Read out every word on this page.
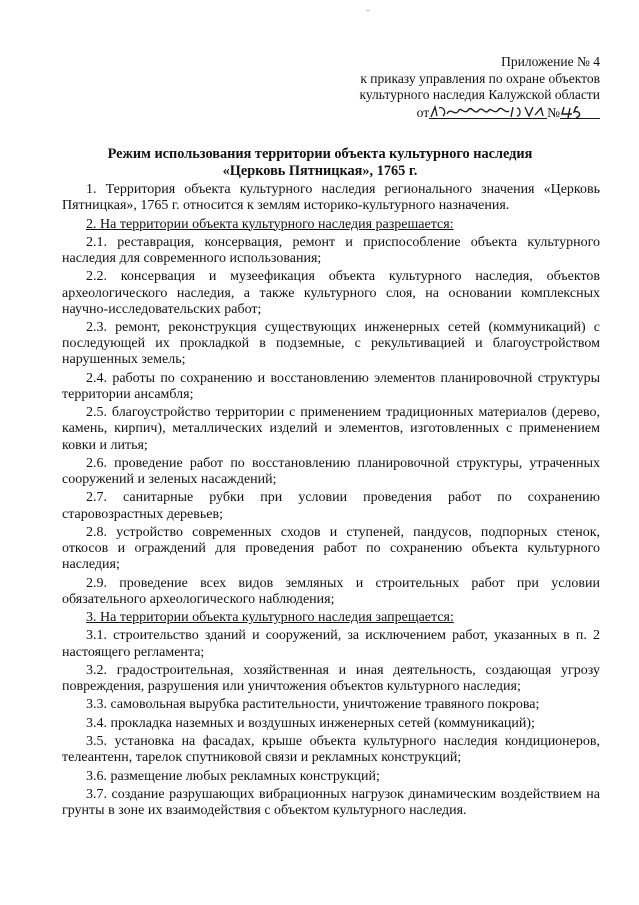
Приложение № 4
к приказу управления по охране объектов
культурного наследия Калужской области
от	№
Режим использования территории объекта культурного наследия
«Церковь Пятницкая», 1765 г.

1. Территория объекта культурного наследия регионального значения «Церковь Пятницкая», 1765 г. относится к землям историко-культурного назначения.

2. На территории объекта культурного наследия разрешается:

2.1. реставрация, консервация, ремонт и приспособление объекта культурного наследия для современного использования;

2.2. консервация и музеефикация объекта культурного наследия, объектов археологического наследия, а также культурного слоя, на основании комплексных научно-исследовательских работ;

2.3. ремонт, реконструкция существующих инженерных сетей (коммуникаций) с последующей их прокладкой в подземные, с рекультивацией и благоустройством нарушенных земель;

2.4. работы по сохранению и восстановлению элементов планировочной структуры территории ансамбля;

2.5. благоустройство территории с применением традиционных материалов (дерево, камень, кирпич), металлических изделий и элементов, изготовленных с применением ковки и литья;

2.6. проведение работ по восстановлению планировочной структуры, утраченных сооружений и зеленых насаждений;

2.7. санитарные рубки при условии проведения работ по сохранению старовозрастных деревьев;

2.8. устройство современных сходов и ступеней, пандусов, подпорных стенок, откосов и ограждений для проведения работ по сохранению объекта культурного наследия;

2.9. проведение всех видов земляных и строительных работ при условии обязательного археологического наблюдения;

3. На территории объекта культурного наследия запрещается:

3.1. строительство зданий и сооружений, за исключением работ, указанных в п. 2 настоящего регламента;

3.2. градостроительная, хозяйственная и иная деятельность, создающая угрозу повреждения, разрушения или уничтожения объектов культурного наследия;

3.3. самовольная вырубка растительности, уничтожение травяного покрова;

3.4. прокладка наземных и воздушных инженерных сетей (коммуникаций);

3.5. установка на фасадах, крыше объекта культурного наследия кондиционеров, телеантенн, тарелок спутниковой связи и рекламных конструкций;

3.6. размещение любых рекламных конструкций;

3.7. создание разрушающих вибрационных нагрузок динамическим воздействием на грунты в зоне их взаимодействия с объектом культурного наследия.
